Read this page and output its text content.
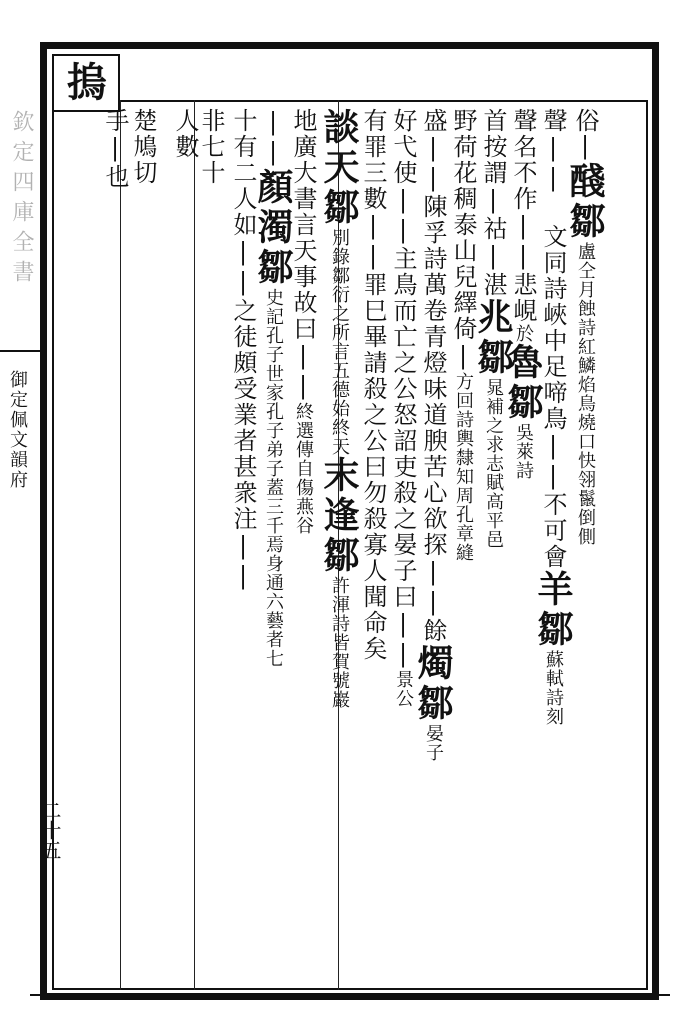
欽定四庫全書
御定佩文韻府
二十五
摀
俗
|醆鄒盧仝月蝕詩紅鱗焰鳥燒口快翎鬣倒側
聲|| 文同詩峽中足啼鳥||不可會羊鄒蘇軾詩刻
聲名不作||悲峴於魯鄒吳萊詩
首按謂|祜|湛兆鄒晁補之求志賦高平邑
野荷花稠泰山兒繹倚|方回詩輿隸知周孔章縫
盛||陳孚詩萬卷青燈味道腴苦心欲探||餘燭鄒晏子
好弋使||主鳥而亡之公怒詔吏殺之晏子曰||景公
有罪三數||罪巳畢請殺之公曰勿殺寡人聞命矣
談天鄒別錄鄒衍之所言五德始終天末逢鄒許渾詩皆賀號巖
地廣大書言天事故曰||終選傳自傷燕谷
||顏濁鄒史記孔子世家孔子弟子蓋三千焉身通六藝者七
十有二人如||之徒頗受業者甚衆注||
非七十
人數
楚鳩切
手|也
